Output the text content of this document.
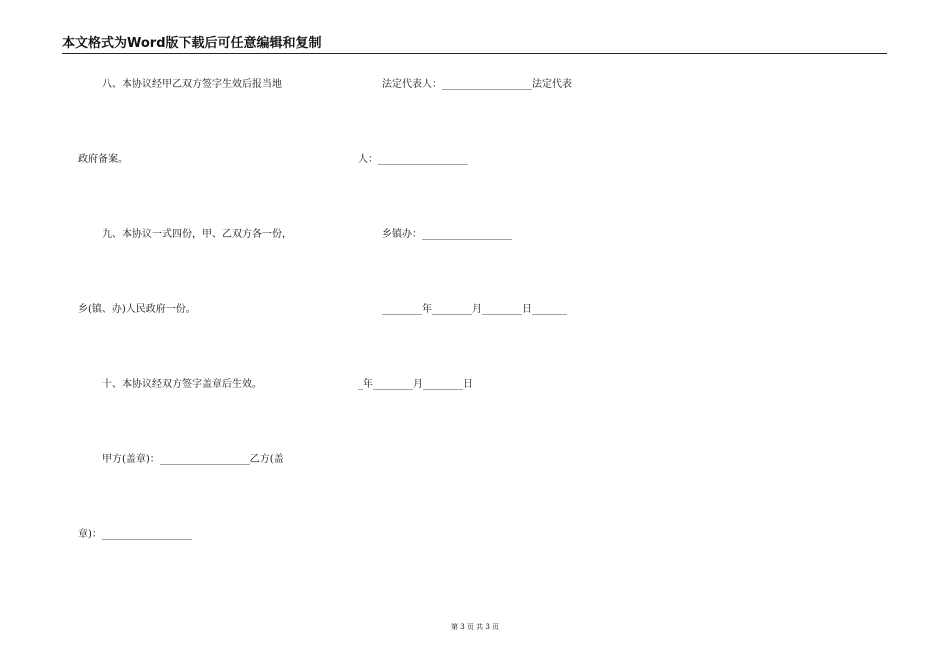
本文格式为Word版下载后可任意编辑和复制
八、本协议经甲乙双方签字生效后报当地
政府备案。
九、本协议一式四份，甲、乙双方各一份，
乡(镇、办)人民政府一份。
十、本协议经双方签字盖章后生效。
甲方(盖章)：__________________乙方(盖
章)：__________________
法定代表人：__________________法定代表
人：__________________
乡镇办：__________________
________年________月________日_______
_年________月________日
第 3 页 共 3 页
